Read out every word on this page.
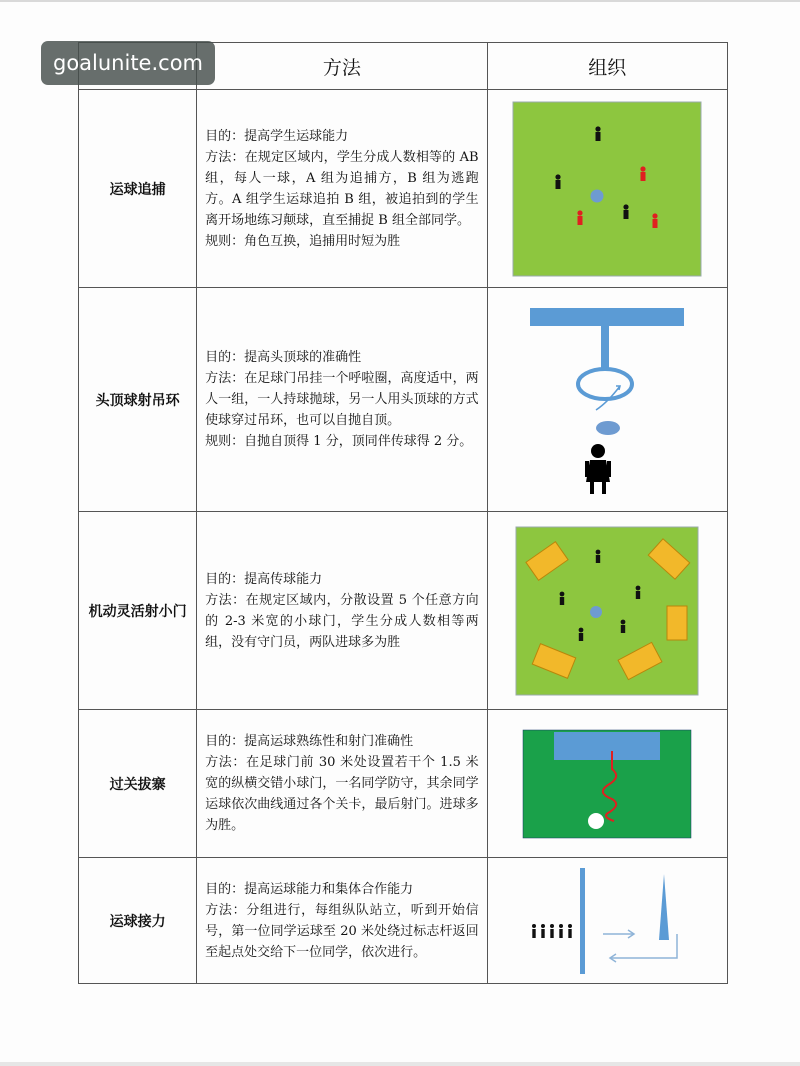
	方法	组织
运球追捕	目的：提高学生运球能力
方法：在规定区域内，学生分成人数相等的 AB 组，每人一球，A 组为追捕方，B 组为逃跑方。A 组学生运球追拍 B 组，被追拍到的学生离开场地练习颠球，直至捕捉 B 组全部同学。
规则：角色互换，追捕用时短为胜

头顶球射吊环	目的：提高头顶球的准确性
方法：在足球门吊挂一个呼啦圈，高度适中，两人一组，一人持球抛球，另一人用头顶球的方式使球穿过吊环，也可以自抛自顶。
规则：自抛自顶得 1 分，顶同伴传球得 2 分。

机动灵活射小门	目的：提高传球能力
方法：在规定区域内，分散设置 5 个任意方向的 2-3 米宽的小球门，学生分成人数相等两组，没有守门员，两队进球多为胜

过关拔寨	目的：提高运球熟练性和射门准确性
方法：在足球门前 30 米处设置若干个 1.5 米宽的纵横交错小球门，一名同学防守，其余同学运球依次曲线通过各个关卡，最后射门。进球多为胜。

运球接力	目的：提高运球能力和集体合作能力
方法：分组进行，每组纵队站立，听到开始信号，第一位同学运球至 20 米处绕过标志杆返回至起点处交给下一位同学，依次进行。

goalunite.com
